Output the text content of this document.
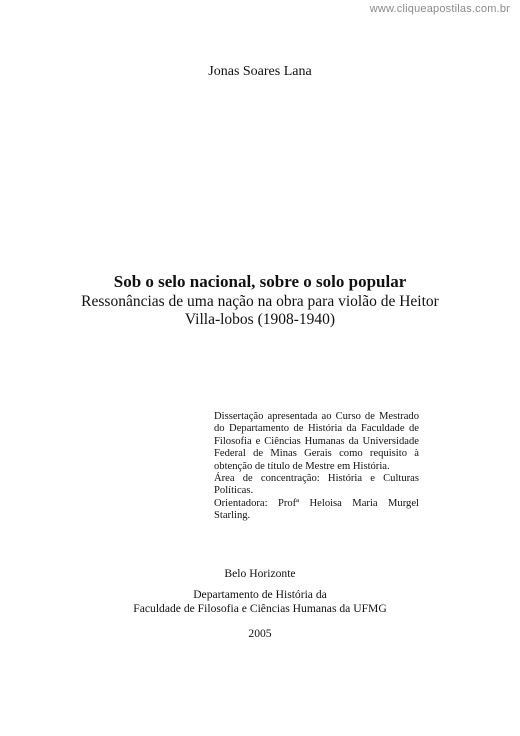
www.cliqueapostilas.com.br
Jonas Soares Lana
Sob o selo nacional, sobre o solo popular
Ressonâncias de uma nação na obra para violão de Heitor
Villa-lobos (1908-1940)
Dissertação apresentada ao Curso de Mestrado do Departamento de História da Faculdade de Filosofia e Ciências Humanas da Universidade Federal de Minas Gerais como requisito à obtenção de título de Mestre em História.
Área de concentração: História e Culturas Políticas.
Orientadora: Profª Heloisa Maria Murgel Starling.
Belo Horizonte
Departamento de História da
Faculdade de Filosofia e Ciências Humanas da UFMG
2005
